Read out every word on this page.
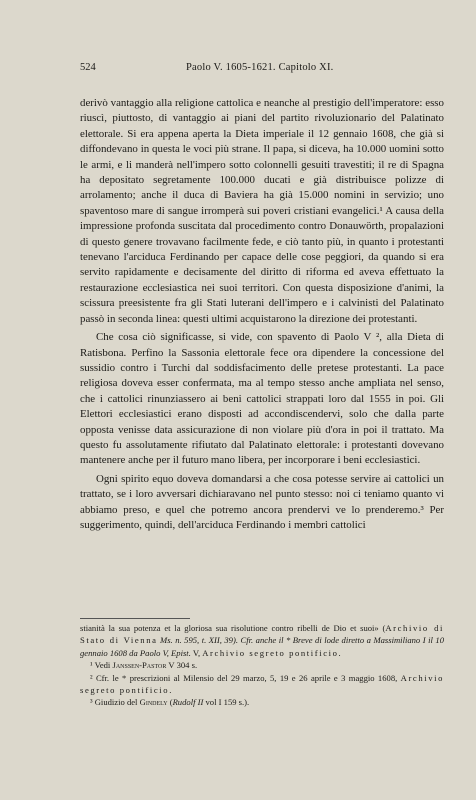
524	Paolo V. 1605-1621. Capitolo XI.

derivò vantaggio alla religione cattolica e neanche al prestigio dell'imperatore: esso riuscì, piuttosto, di vantaggio ai piani del partito rivoluzionario del Palatinato elettorale. Si era appena aperta la Dieta imperiale il 12 gennaio 1608, che già si diffondevano in questa le voci più strane. Il papa, si diceva, ha 10.000 uomini sotto le armi, e li manderà nell'impero sotto colonnelli gesuiti travestiti; il re di Spagna ha depositato segretamente 100.000 ducati e già distribuisce polizze di arrolamento; anche il duca di Baviera ha già 15.000 nomini in servizio; uno spaventoso mare di sangue irromperà sui poveri cristiani evangelici.¹ A causa della impressione profonda suscitata dal procedimento contro Donauwörth, propalazioni di questo genere trovavano facilmente fede, e ciò tanto più, in quanto i protestanti tenevano l'arciduca Ferdinando per capace delle cose peggiori, da quando si era servito rapidamente e decisamente del diritto di riforma ed aveva effettuato la restaurazione ecclesiastica nei suoi territori. Con questa disposizione d'animi, la scissura preesistente fra gli Stati luterani dell'impero e i calvinisti del Palatinato passò in seconda linea: questi ultimi acquistarono la direzione dei protestanti.

Che cosa ciò significasse, si vide, con spavento di Paolo V ², alla Dieta di Ratisbona. Perfino la Sassonia elettorale fece ora dipendere la concessione del sussidio contro i Turchi dal soddisfacimento delle pretese protestanti. La pace religiosa doveva esser confermata, ma al tempo stesso anche ampliata nel senso, che i cattolici rinunziassero ai beni cattolici strappati loro dal 1555 in poi. Gli Elettori ecclesiastici erano disposti ad accondiscendervi, solo che dalla parte opposta venisse data assicurazione di non violare più d'ora in poi il trattato. Ma questo fu assolutamente rifiutato dal Palatinato elettorale: i protestanti dovevano mantenere anche per il futuro mano libera, per incorporare i beni ecclesiastici.

Ogni spirito equo doveva domandarsi a che cosa potesse servire ai cattolici un trattato, se i loro avversari dichiaravano nel punto stesso: noi ci teniamo quanto vi abbiamo preso, e quel che potremo ancora prendervi ve lo prenderemo.³ Per suggerimento, quindi, dell'arciduca Ferdinando i membri cattolici

stianità la sua potenza et la gloriosa sua risolutione contro ribelli de Dio et suoi» (Archivio di Stato di Vienna Ms. n. 595, t. XII, 39). Cfr. anche il * Breve di lode diretto a Massimiliano I il 10 gennaio 1608 da Paolo V, Epist. V, Archivio segreto pontificio.

¹ Vedi Janssen-Pastor V 304 s.

² Cfr. le * prescrizioni al Milensio del 29 marzo, 5, 19 e 26 aprile e 3 maggio 1608, Archivio segreto pontificio.

³ Giudizio del Gindely (Rudolf II vol I 159 s.).
